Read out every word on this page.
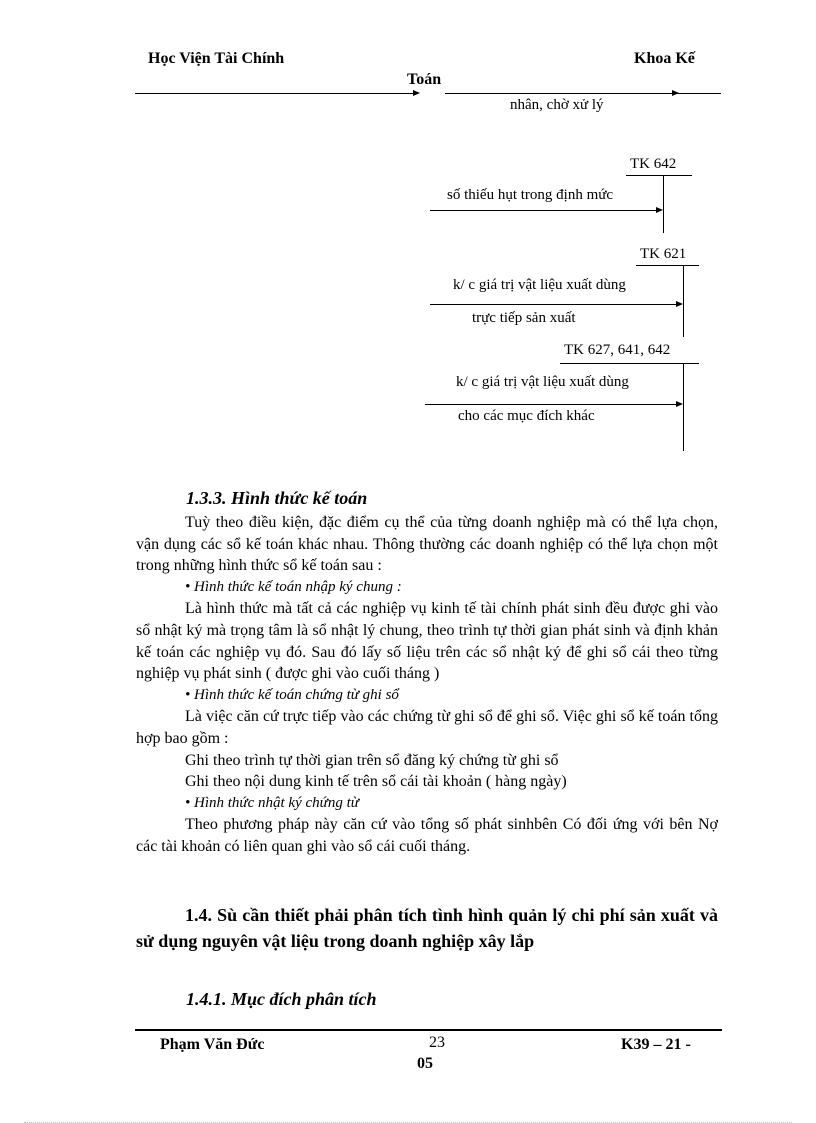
Học Viện Tài Chính	Khoa Kế
Toán
nhân, chờ xử lý
TK 642
số thiếu hụt trong định mức
TK 621
k/ c giá trị vật liệu xuất dùng
trực tiếp sản xuất
TK 627, 641, 642
k/ c giá trị vật liệu xuất dùng
cho các mục đích khác
1.3.3. Hình thức kế toán

Tuỳ theo điều kiện, đặc điểm cụ thể của từng doanh nghiệp mà có thể lựa chọn, vận dụng các sổ kế toán khác nhau. Thông thường các doanh nghiệp có thể lựa chọn một trong những hình thức sổ kế toán sau :

• Hình thức kế toán nhập ký chung :

Là hình thức mà tất cả các nghiệp vụ kinh tế tài chính phát sinh đều được ghi vào sổ nhật ký mà trọng tâm là sổ nhật lý chung, theo trình tự thời gian phát sinh và định khản kế toán các nghiệp vụ đó. Sau đó lấy số liệu trên các sổ nhật ký để ghi sổ cái theo từng nghiệp vụ phát sinh ( được ghi vào cuối tháng )

• Hình thức kế toán chứng từ ghi sổ

Là việc căn cứ trực tiếp vào các chứng từ ghi sổ để ghi sổ. Việc ghi sổ kế toán tổng hợp bao gồm :

Ghi theo trình tự thời gian trên sổ đăng ký chứng từ ghi sổ

Ghi theo nội dung kinh tế trên sổ cái tài khoản ( hàng ngày)

• Hình thức nhật ký chứng từ

Theo phương pháp này căn cứ vào tổng số phát sinhbên Có đối ứng với bên Nợ các tài khoản có liên quan ghi vào sổ cái cuối tháng.

1.4. Sù cần thiết phải phân tích tình hình quản lý chi phí sản xuất và sử dụng nguyên vật liệu trong doanh nghiệp xây lắp
1.4.1. Mục đích phân tích
Phạm Văn Đức	23	K39 – 21 -
05
